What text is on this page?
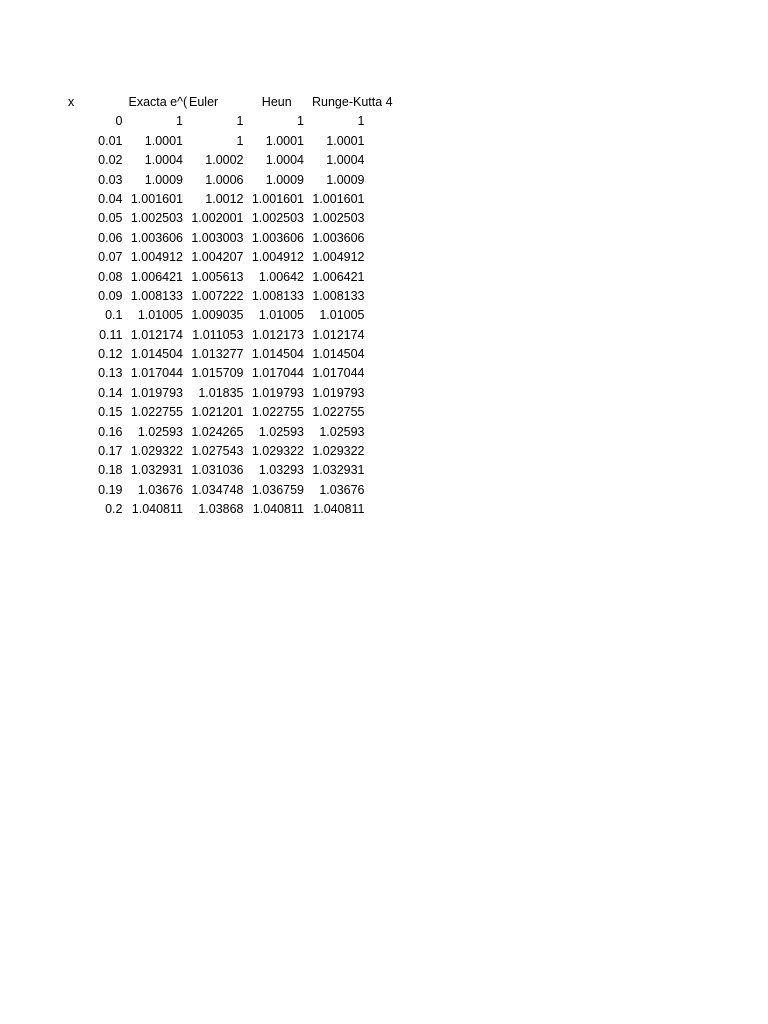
x	Exacta e^( Euler	Heun	Runge-Kutta 4
0	1	1	1	1
0.01	1.0001	1	1.0001	1.0001
0.02	1.0004	1.0002	1.0004	1.0004
0.03	1.0009	1.0006	1.0009	1.0009
0.04 1.001601	1.0012 1.001601 1.001601
0.05 1.002503 1.002001 1.002503 1.002503
0.06 1.003606 1.003003 1.003606 1.003606
0.07 1.004912 1.004207 1.004912 1.004912
0.08 1.006421 1.005613	1.00642 1.006421
0.09 1.008133 1.007222 1.008133 1.008133
0.1	1.01005 1.009035	1.01005	1.01005
0.11 1.012174 1.011053 1.012173 1.012174
0.12 1.014504 1.013277 1.014504 1.014504
0.13 1.017044 1.015709 1.017044 1.017044
0.14 1.019793	1.01835 1.019793 1.019793
0.15 1.022755 1.021201 1.022755 1.022755
0.16	1.02593 1.024265	1.02593	1.02593
0.17 1.029322 1.027543 1.029322 1.029322
0.18 1.032931 1.031036	1.03293 1.032931
0.19	1.03676 1.034748 1.036759	1.03676
0.2 1.040811	1.03868 1.040811 1.040811
